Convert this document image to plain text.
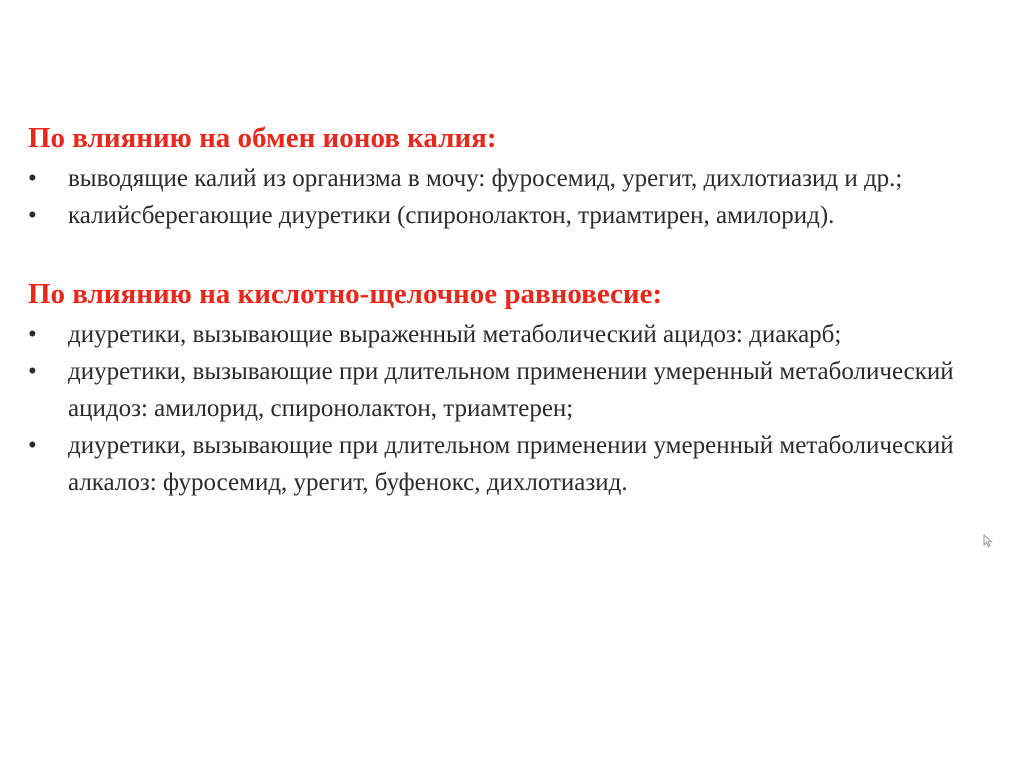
По влиянию на обмен ионов калия:
•	выводящие калий из организма в мочу: фуросемид, урегит, дихлотиазид и др.;
•	калийсберегающие диуретики (спиронолактон, триамтирен, амилорид).
По влиянию на кислотно-щелочное равновесие:
•	диуретики, вызывающие выраженный метаболический ацидоз: диакарб;
•	диуретики, вызывающие при длительном применении умеренный метаболический ацидоз: амилорид, спиронолактон, триамтерен;
•	диуретики, вызывающие при длительном применении умеренный метаболический алкалоз: фуросемид, урегит, буфенокс, дихлотиазид.
